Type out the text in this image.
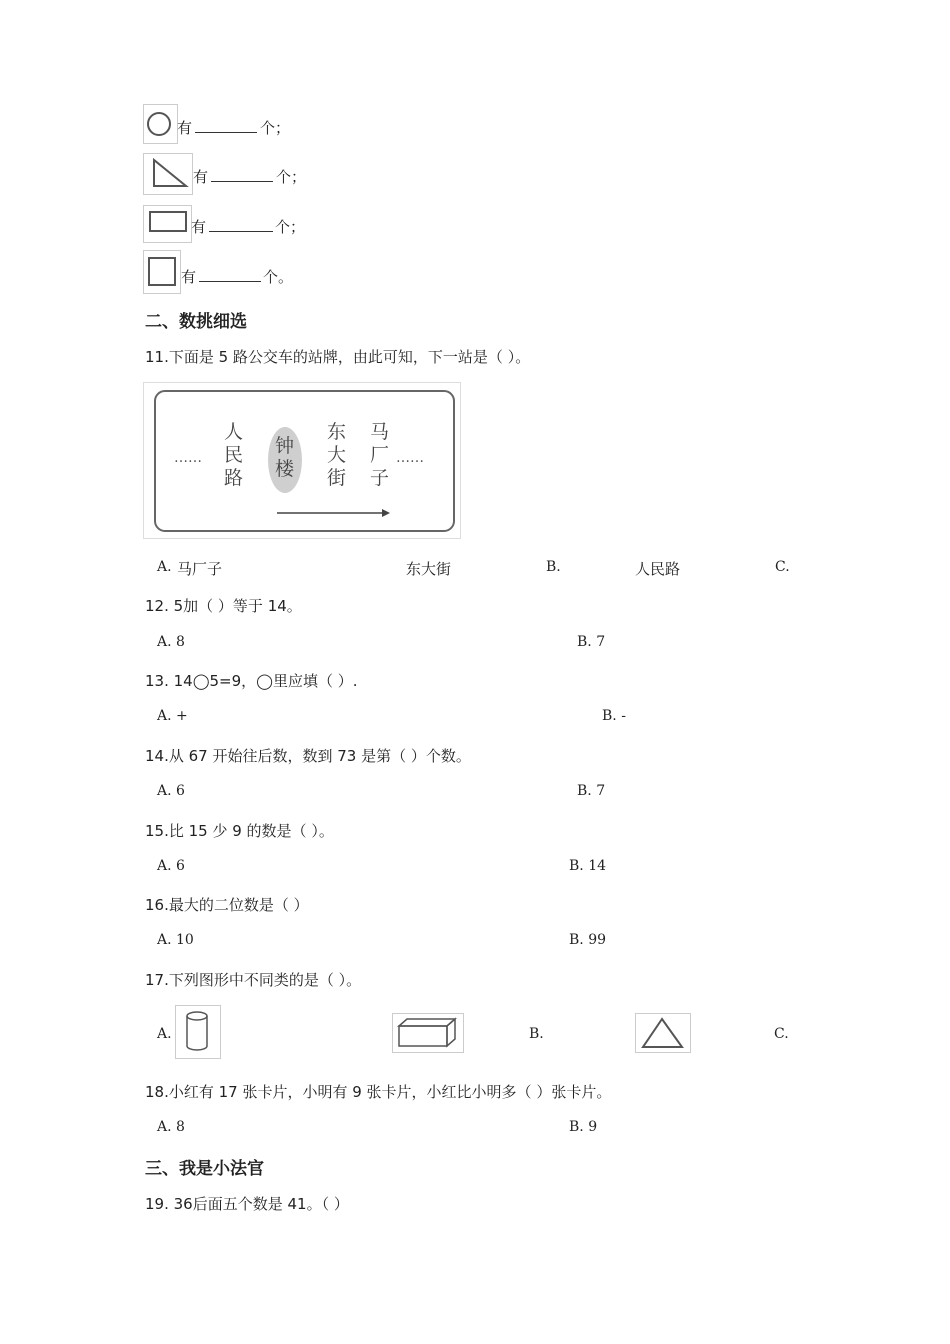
有	个；
有	个；
有	个；
有	个。
二、数挑细选
11.下面是 5 路公交车的站牌，由此可知，下一站是（ ）。
……
人民路
钟楼
东大街
马厂子
……
A. 马厂子	东大街	B.	人民路	C.
12. 5加（ ）等于 14。
A. 8	B. 7
13. 14◯5=9，◯里应填（ ）.
A. +	B. -
14.从 67 开始往后数，数到 73 是第（ ）个数。
A. 6	B. 7
15.比 15 少 9 的数是（ ）。
A. 6	B. 14
16.最大的二位数是（ ）
A. 10	B. 99
17.下列图形中不同类的是（ ）。
A.	B.	C.
18.小红有 17 张卡片，小明有 9 张卡片，小红比小明多（ ）张卡片。
A. 8	B. 9
三、我是小法官
19. 36后面五个数是 41。（ ）
